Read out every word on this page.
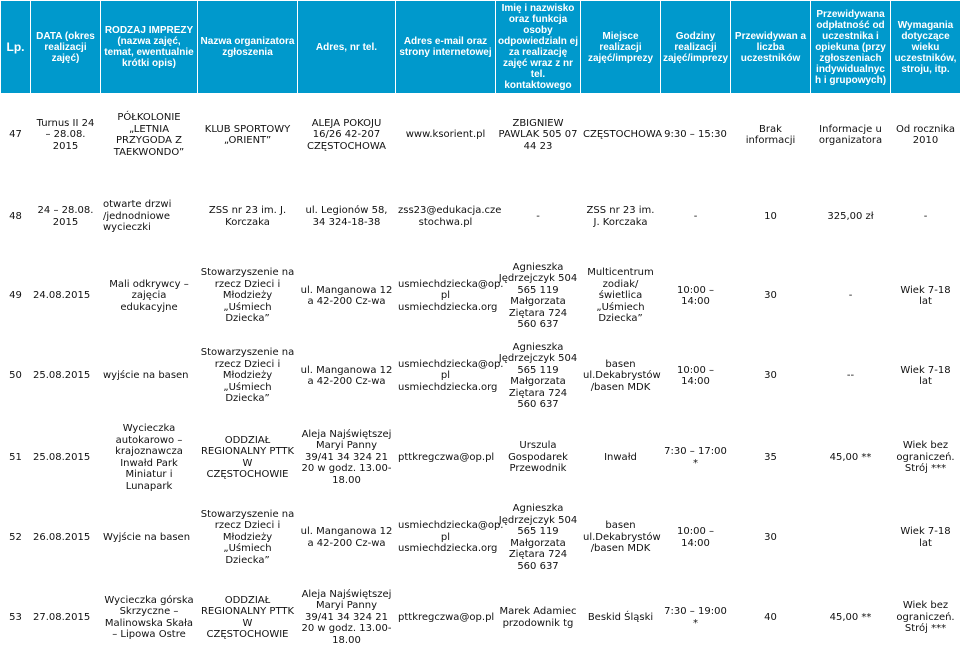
Lp.	DATA (okres realizacji zajęć)	RODZAJ IMPREZY (nazwa zajęć, temat, ewentualnie krótki opis)	Nazwa organizatora zgłoszenia	Adres, nr tel.	Adres e-mail oraz strony internetowej	Imię i nazwisko oraz funkcja osoby odpowiedzialn ej za realizację zajęć wraz z nr tel. kontaktowego	Miejsce realizacji zajęć/imprezy	Godziny realizacji zajęć/imprezy	Przewidywan a liczba uczestników	Przewidywana odpłatność od uczestnika i opiekuna (przy zgłoszeniach indywidualnyc h i grupowych)	Wymagania dotyczące wieku uczestników, stroju, itp.
47	Turnus II 24 – 28.08. 2015	PÓŁKOLONIE „LETNIA PRZYGODA Z TAEKWONDO”	KLUB SPORTOWY „ORIENT”	ALEJA POKOJU 16/26 42-207 CZĘSTOCHOWA	www.ksorient.pl	ZBIGNIEW PAWLAK 505 07 44 23	CZĘSTOCHOWA	9:30 – 15:30	Brak informacji	Informacje u organizatora	Od rocznika 2010
48	24 – 28.08. 2015	otwarte drzwi /jednodniowe wycieczki	ZSS nr 23 im. J. Korczaka	ul. Legionów 58, 34 324-18-38	zss23@edukacja.cze stochwa.pl	-	ZSS nr 23 im. J. Korczaka	-	10	325,00 zł	-
49	24.08.2015	Mali odkrywcy – zajęcia edukacyjne	Stowarzyszenie na rzecz Dzieci i Młodzieży „Uśmiech Dziecka”	ul. Manganowa 12 a 42-200 Cz-wa	usmiechdziecka@op. pl usmiechdziecka.org	Agnieszka Jędrzejczyk 504 565 119 Małgorzata Ziętara 724 560 637	Multicentrum zodiak/świetlica „Uśmiech Dziecka”	10:00 – 14:00	30	-	Wiek 7-18 lat
50	25.08.2015	wyjście na basen	Stowarzyszenie na rzecz Dzieci i Młodzieży „Uśmiech Dziecka”	ul. Manganowa 12 a 42-200 Cz-wa	usmiechdziecka@op. pl usmiechdziecka.org	Agnieszka Jędrzejczyk 504 565 119 Małgorzata Ziętara 724 560 637	basen ul.Dekabrystów /basen MDK	10:00 – 14:00	30	--	Wiek 7-18 lat
51	25.08.2015	Wycieczka autokarowo – krajoznawcza Inwałd Park Miniatur i Lunapark	ODDZIAŁ REGIONALNY PTTK W CZĘSTOCHOWIE	Aleja Najświętszej Maryi Panny 39/41 34 324 21 20 w godz. 13.00- 18.00	pttkregczwa@op.pl	Urszula Gospodarek Przewodnik	Inwałd	7:30 – 17:00 *	35	45,00 **	Wiek bez ograniczeń. Strój ***
52	26.08.2015	Wyjście na basen	Stowarzyszenie na rzecz Dzieci i Młodzieży „Uśmiech Dziecka”	ul. Manganowa 12 a 42-200 Cz-wa	usmiechdziecka@op. pl usmiechdziecka.org	Agnieszka Jędrzejczyk 504 565 119 Małgorzata Ziętara 724 560 637	basen ul.Dekabrystów /basen MDK	10:00 – 14:00	30		Wiek 7-18 lat
53	27.08.2015	Wycieczka górska Skrzyczne – Malinowska Skała – Lipowa Ostre	ODDZIAŁ REGIONALNY PTTK W CZĘSTOCHOWIE	Aleja Najświętszej Maryi Panny 39/41 34 324 21 20 w godz. 13.00- 18.00	pttkregczwa@op.pl	Marek Adamiec przodownik tg	Beskid Śląski	7:30 – 19:00 *	40	45,00 **	Wiek bez ograniczeń. Strój ***
